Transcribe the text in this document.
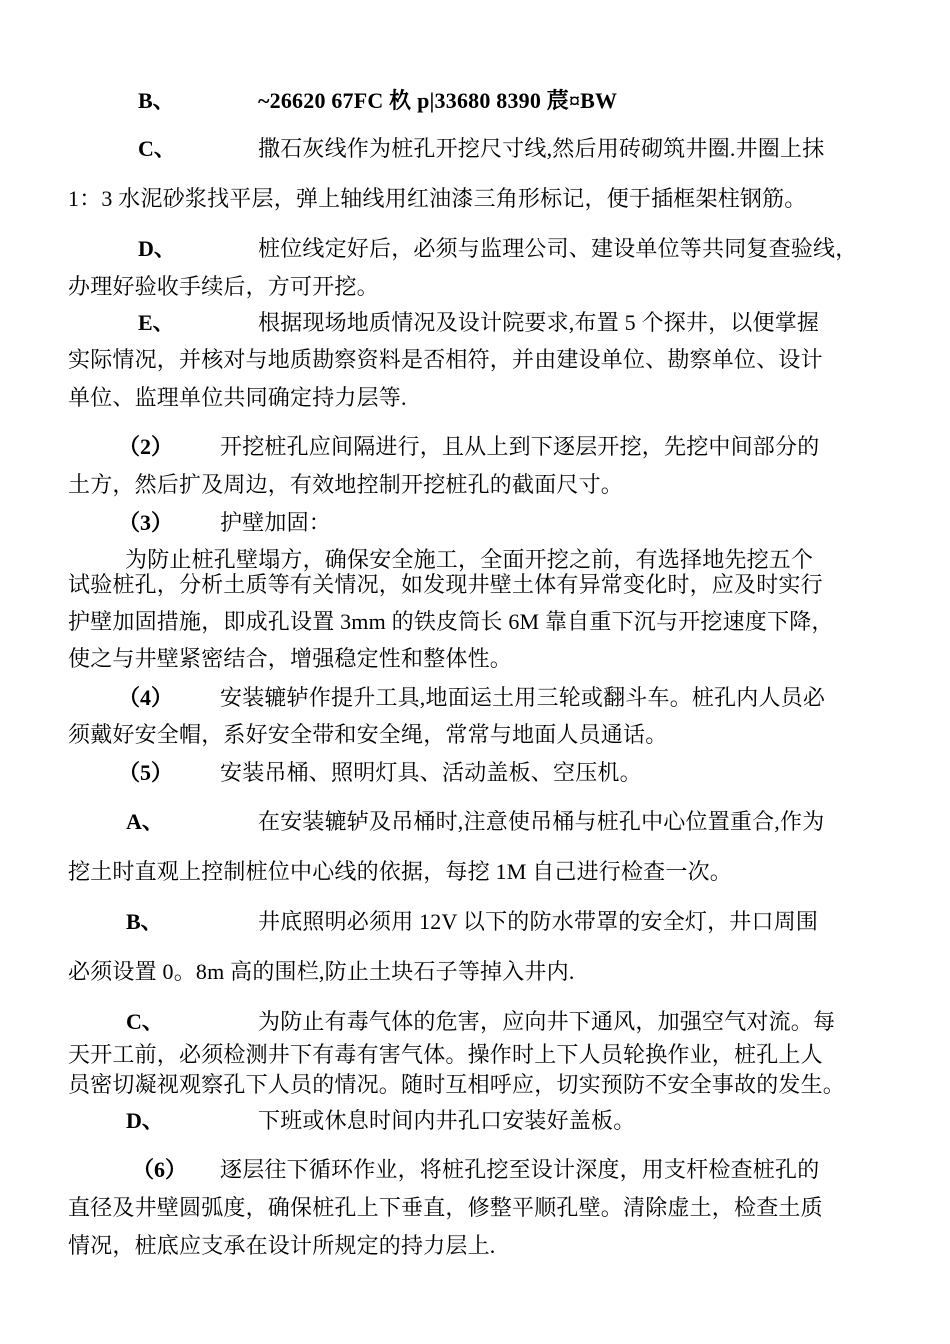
B、	~26620 67FC 杦 p|33680 8390 莀¤BW
C、	撒石灰线作为桩孔开挖尺寸线,然后用砖砌筑井圈.井圈上抹
1：3 水泥砂浆找平层，弹上轴线用红油漆三角形标记，便于插框架柱钢筋。
D、	桩位线定好后，必须与监理公司、建设单位等共同复查验线，
办理好验收手续后，方可开挖。
E、	根据现场地质情况及设计院要求,布置 5 个探井，以便掌握
实际情况，并核对与地质勘察资料是否相符，并由建设单位、勘察单位、设计
单位、监理单位共同确定持力层等.
（2） 开挖桩孔应间隔进行，且从上到下逐层开挖，先挖中间部分的
土方，然后扩及周边，有效地控制开挖桩孔的截面尺寸。
（3） 护壁加固：
为防止桩孔壁塌方，确保安全施工，全面开挖之前，有选择地先挖五个
试验桩孔，分析土质等有关情况，如发现井壁土体有异常变化时，应及时实行
护壁加固措施，即成孔设置 3mm 的铁皮筒长 6M 靠自重下沉与开挖速度下降，
使之与井壁紧密结合，增强稳定性和整体性。
（4） 安装辘轳作提升工具,地面运土用三轮或翻斗车。桩孔内人员必
须戴好安全帽，系好安全带和安全绳，常常与地面人员通话。
（5） 安装吊桶、照明灯具、活动盖板、空压机。
A、	在安装辘轳及吊桶时,注意使吊桶与桩孔中心位置重合,作为
挖土时直观上控制桩位中心线的依据，每挖 1M 自己进行检查一次。
B、	井底照明必须用 12V 以下的防水带罩的安全灯，井口周围
必须设置 0。8m 高的围栏,防止土块石子等掉入井内.
C、	为防止有毒气体的危害，应向井下通风，加强空气对流。每
天开工前，必须检测井下有毒有害气体。操作时上下人员轮换作业，桩孔上人
员密切凝视观察孔下人员的情况。随时互相呼应，切实预防不安全事故的发生。
D、	下班或休息时间内井孔口安装好盖板。
（6） 逐层往下循环作业，将桩孔挖至设计深度，用支杆检查桩孔的
直径及井壁圆弧度，确保桩孔上下垂直，修整平顺孔壁。清除虚土，检查土质
情况，桩底应支承在设计所规定的持力层上.
